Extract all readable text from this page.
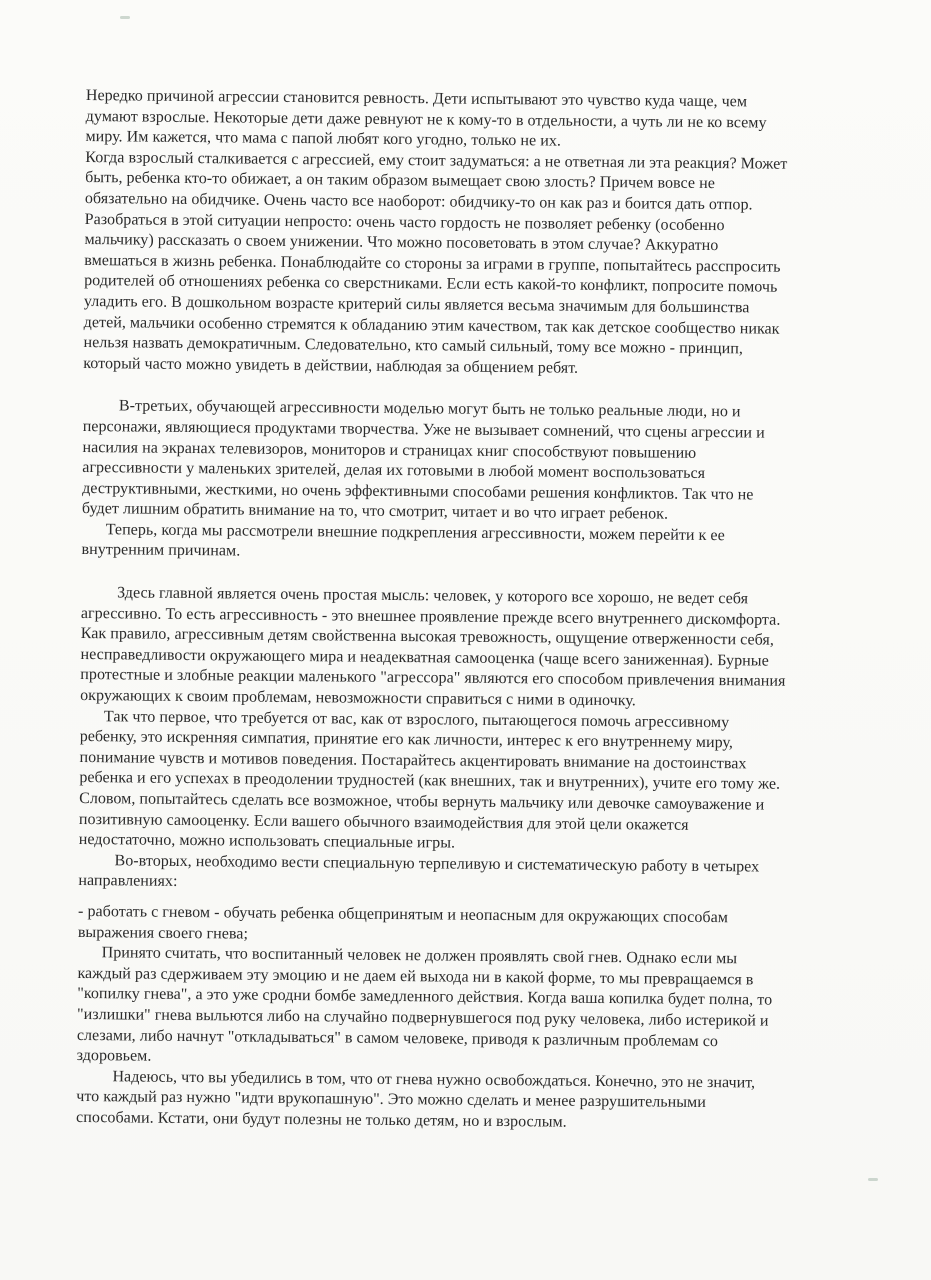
Нередко причиной агрессии становится ревность. Дети испытывают это чувство куда чаще, чем
думают взрослые. Некоторые дети даже ревнуют не к кому-то в отдельности, а чуть ли не ко всему
миру. Им кажется, что мама с папой любят кого угодно, только не их.
Когда взрослый сталкивается с агрессией, ему стоит задуматься: а не ответная ли эта реакция? Может
быть, ребенка кто-то обижает, а он таким образом вымещает свою злость? Причем вовсе не
обязательно на обидчике. Очень часто все наоборот: обидчику-то он как раз и боится дать отпор.
Разобраться в этой ситуации непросто: очень часто гордость не позволяет ребенку (особенно
мальчику) рассказать о своем унижении. Что можно посоветовать в этом случае? Аккуратно
вмешаться в жизнь ребенка. Понаблюдайте со стороны за играми в группе, попытайтесь расспросить
родителей об отношениях ребенка со сверстниками. Если есть какой-то конфликт, попросите помочь
уладить его. В дошкольном возрасте критерий силы является весьма значимым для большинства
детей, мальчики особенно стремятся к обладанию этим качеством, так как детское сообщество никак
нельзя назвать демократичным. Следовательно, кто самый сильный, тому все можно - принцип,
который часто можно увидеть в действии, наблюдая за общением ребят.
В-третьих, обучающей агрессивности моделью могут быть не только реальные люди, но и
персонажи, являющиеся продуктами творчества. Уже не вызывает сомнений, что сцены агрессии и
насилия на экранах телевизоров, мониторов и страницах книг способствуют повышению
агрессивности у маленьких зрителей, делая их готовыми в любой момент воспользоваться
деструктивными, жесткими, но очень эффективными способами решения конфликтов. Так что не
будет лишним обратить внимание на то, что смотрит, читает и во что играет ребенок.
Теперь, когда мы рассмотрели внешние подкрепления агрессивности, можем перейти к ее
внутренним причинам.
Здесь главной является очень простая мысль: человек, у которого все хорошо, не ведет себя
агрессивно. То есть агрессивность - это внешнее проявление прежде всего внутреннего дискомфорта.
Как правило, агрессивным детям свойственна высокая тревожность, ощущение отверженности себя,
несправедливости окружающего мира и неадекватная самооценка (чаще всего заниженная). Бурные
протестные и злобные реакции маленького "агрессора" являются его способом привлечения внимания
окружающих к своим проблемам, невозможности справиться с ними в одиночку.
Так что первое, что требуется от вас, как от взрослого, пытающегося помочь агрессивному
ребенку, это искренняя симпатия, принятие его как личности, интерес к его внутреннему миру,
понимание чувств и мотивов поведения. Постарайтесь акцентировать внимание на достоинствах
ребенка и его успехах в преодолении трудностей (как внешних, так и внутренних), учите его тому же.
Словом, попытайтесь сделать все возможное, чтобы вернуть мальчику или девочке самоуважение и
позитивную самооценку. Если вашего обычного взаимодействия для этой цели окажется
недостаточно, можно использовать специальные игры.
Во-вторых, необходимо вести специальную терпеливую и систематическую работу в четырех
направлениях:
- работать с гневом - обучать ребенка общепринятым и неопасным для окружающих способам
выражения своего гнева;
Принято считать, что воспитанный человек не должен проявлять свой гнев. Однако если мы
каждый раз сдерживаем эту эмоцию и не даем ей выхода ни в какой форме, то мы превращаемся в
"копилку гнева", а это уже сродни бомбе замедленного действия. Когда ваша копилка будет полна, то
"излишки" гнева выльются либо на случайно подвернувшегося под руку человека, либо истерикой и
слезами, либо начнут "откладываться" в самом человеке, приводя к различным проблемам со
здоровьем.
Надеюсь, что вы убедились в том, что от гнева нужно освобождаться. Конечно, это не значит,
что каждый раз нужно "идти врукопашную". Это можно сделать и менее разрушительными
способами. Кстати, они будут полезны не только детям, но и взрослым.
